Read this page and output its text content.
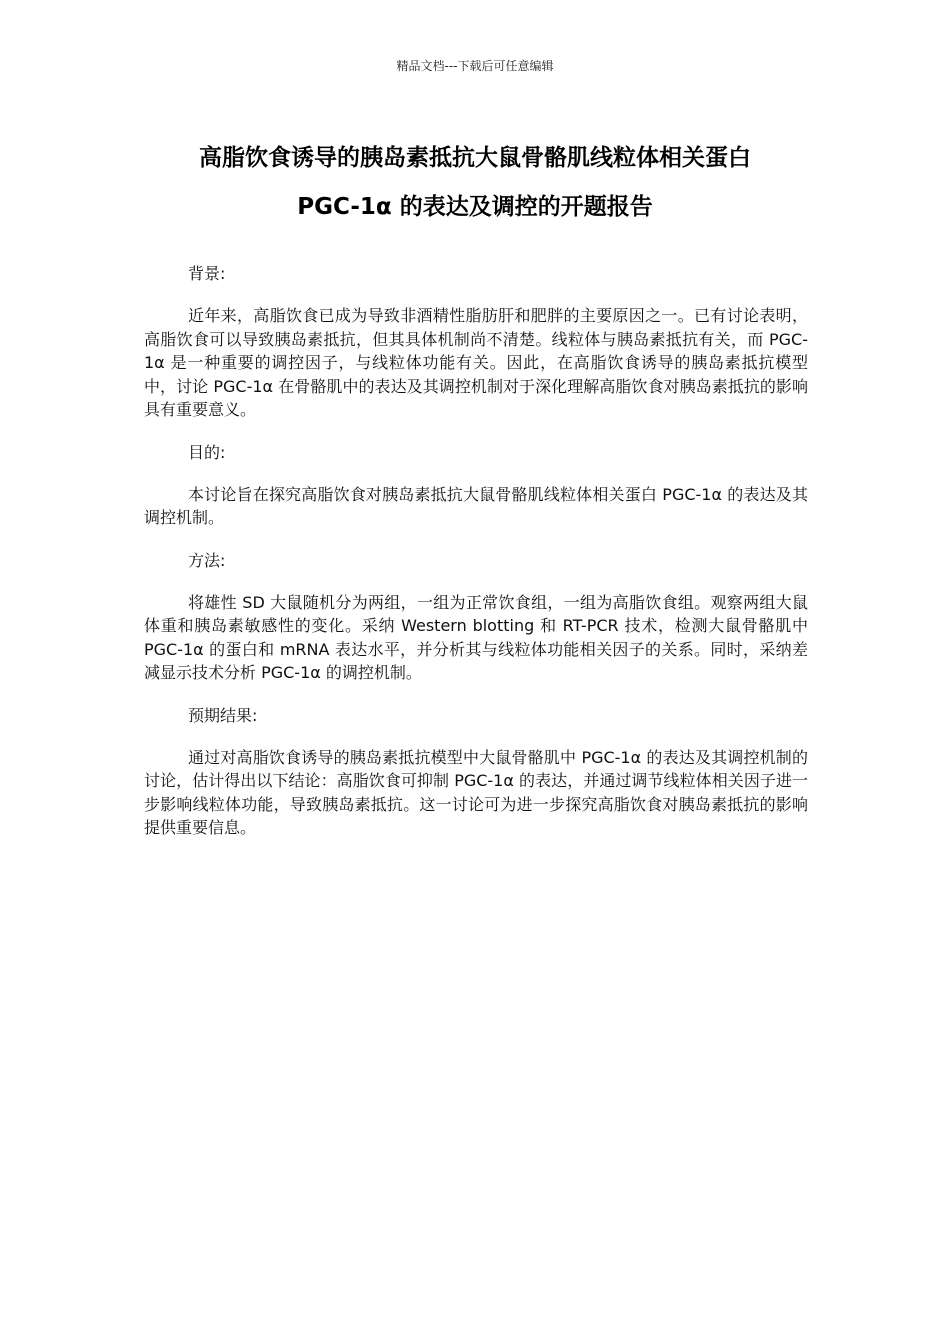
精品文档---下载后可任意编辑
高脂饮食诱导的胰岛素抵抗大鼠骨骼肌线粒体相关蛋白
PGC-1α 的表达及调控的开题报告
背景:
近年来，高脂饮食已成为导致非酒精性脂肪肝和肥胖的主要原因之一。已有讨论表明，高脂饮食可以导致胰岛素抵抗，但其具体机制尚不清楚。线粒体与胰岛素抵抗有关，而 PGC-1α 是一种重要的调控因子，与线粒体功能有关。因此，在高脂饮食诱导的胰岛素抵抗模型中，讨论 PGC-1α 在骨骼肌中的表达及其调控机制对于深化理解高脂饮食对胰岛素抵抗的影响具有重要意义。
目的:
本讨论旨在探究高脂饮食对胰岛素抵抗大鼠骨骼肌线粒体相关蛋白 PGC-1α 的表达及其调控机制。
方法:
将雄性 SD 大鼠随机分为两组，一组为正常饮食组，一组为高脂饮食组。观察两组大鼠体重和胰岛素敏感性的变化。采纳 Western blotting 和 RT-PCR 技术，检测大鼠骨骼肌中 PGC-1α 的蛋白和 mRNA 表达水平，并分析其与线粒体功能相关因子的关系。同时，采纳差减显示技术分析 PGC-1α 的调控机制。
预期结果:
通过对高脂饮食诱导的胰岛素抵抗模型中大鼠骨骼肌中 PGC-1α 的表达及其调控机制的讨论，估计得出以下结论：高脂饮食可抑制 PGC-1α 的表达，并通过调节线粒体相关因子进一步影响线粒体功能，导致胰岛素抵抗。这一讨论可为进一步探究高脂饮食对胰岛素抵抗的影响提供重要信息。
